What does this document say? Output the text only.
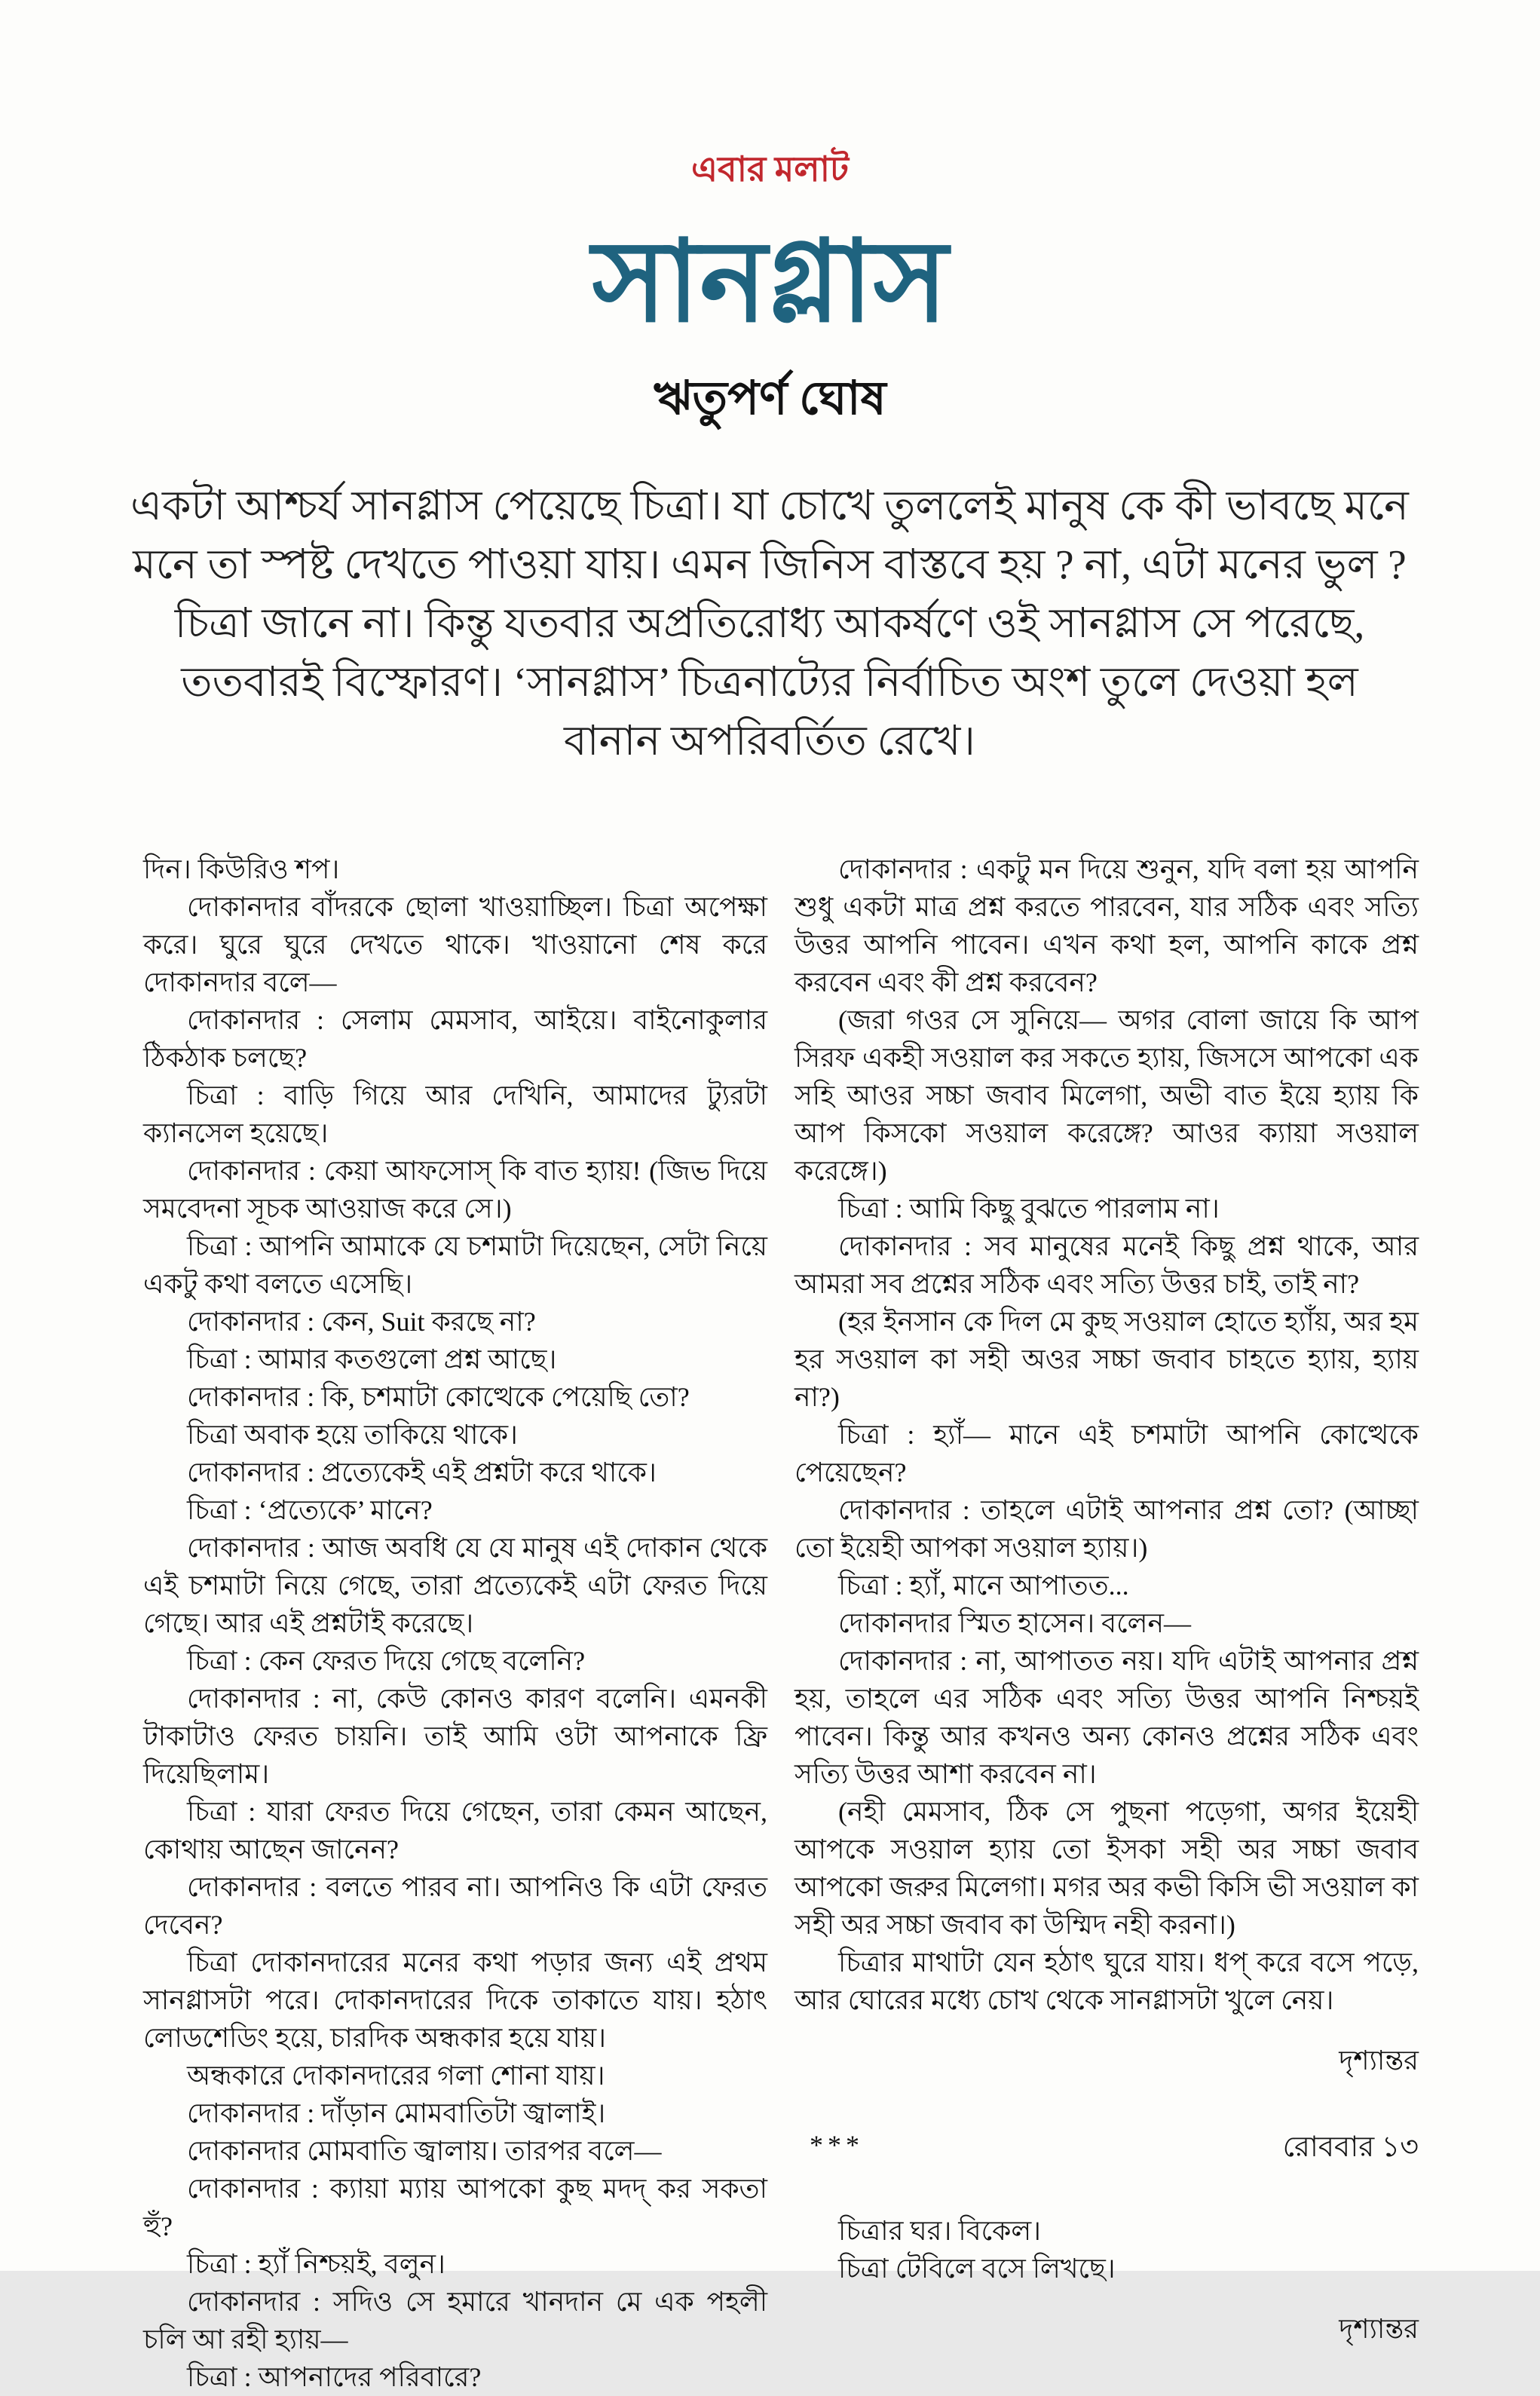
এবার মলাট
সানগ্লাস
ঋতুপর্ণ ঘোষ
একটা আশ্চর্য সানগ্লাস পেয়েছে চিত্রা। যা চোখে তুললেই মানুষ কে কী ভাবছে মনে মনে তা স্পষ্ট দেখতে পাওয়া যায়। এমন জিনিস বাস্তবে হয় ? না, এটা মনের ভুল ? চিত্রা জানে না। কিন্তু যতবার অপ্রতিরোধ্য আকর্ষণে ওই সানগ্লাস সে পরেছে, ততবারই বিস্ফোরণ। ‘সানগ্লাস’ চিত্রনাট্যের নির্বাচিত অংশ তুলে দেওয়া হল বানান অপরিবর্তিত রেখে।

দিন। কিউরিও শপ।

দোকানদার বাঁদরকে ছোলা খাওয়াচ্ছিল। চিত্রা অপেক্ষা করে। ঘুরে ঘুরে দেখতে থাকে। খাওয়ানো শেষ করে দোকানদার বলে—

দোকানদার : সেলাম মেমসাব, আইয়ে। বাইনোকুলার ঠিকঠাক চলছে?

চিত্রা : বাড়ি গিয়ে আর দেখিনি, আমাদের ট্যুরটা ক্যানসেল হয়েছে।

দোকানদার : কেয়া আফসোস্ কি বাত হ্যায়! (জিভ দিয়ে সমবেদনা সূচক আওয়াজ করে সে।)

চিত্রা : আপনি আমাকে যে চশমাটা দিয়েছেন, সেটা নিয়ে একটু কথা বলতে এসেছি।

দোকানদার : কেন, Suit করছে না?

চিত্রা : আমার কতগুলো প্রশ্ন আছে।

দোকানদার : কি, চশমাটা কোত্থেকে পেয়েছি তো?

চিত্রা অবাক হয়ে তাকিয়ে থাকে।

দোকানদার : প্রত্যেকেই এই প্রশ্নটা করে থাকে।

চিত্রা : ‘প্রত্যেকে’ মানে?

দোকানদার : আজ অবধি যে যে মানুষ এই দোকান থেকে এই চশমাটা নিয়ে গেছে, তারা প্রত্যেকেই এটা ফেরত দিয়ে গেছে। আর এই প্রশ্নটাই করেছে।

চিত্রা : কেন ফেরত দিয়ে গেছে বলেনি?

দোকানদার : না, কেউ কোনও কারণ বলেনি। এমনকী টাকাটাও ফেরত চায়নি। তাই আমি ওটা আপনাকে ফ্রি দিয়েছিলাম।

চিত্রা : যারা ফেরত দিয়ে গেছেন, তারা কেমন আছেন, কোথায় আছেন জানেন?

দোকানদার : বলতে পারব না। আপনিও কি এটা ফেরত দেবেন?

চিত্রা দোকানদারের মনের কথা পড়ার জন্য এই প্রথম সানগ্লাসটা পরে। দোকানদারের দিকে তাকাতে যায়। হঠাৎ লোডশেডিং হয়ে, চারদিক অন্ধকার হয়ে যায়।

অন্ধকারে দোকানদারের গলা শোনা যায়।

দোকানদার : দাঁড়ান মোমবাতিটা জ্বালাই।

দোকানদার মোমবাতি জ্বালায়। তারপর বলে—

দোকানদার : ক্যায়া ম্যায় আপকো কুছ মদদ্ কর সকতা হুঁ?

চিত্রা : হ্যাঁ নিশ্চয়ই, বলুন।

দোকানদার : সদিও সে হমারে খানদান মে এক পহলী চলি আ রহী হ্যায়—

চিত্রা : আপনাদের পরিবারে?

দোকানদার : একটু মন দিয়ে শুনুন, যদি বলা হয় আপনি শুধু একটা মাত্র প্রশ্ন করতে পারবেন, যার সঠিক এবং সত্যি উত্তর আপনি পাবেন। এখন কথা হল, আপনি কাকে প্রশ্ন করবেন এবং কী প্রশ্ন করবেন?

(জরা গওর সে সুনিয়ে— অগর বোলা জায়ে কি আপ সিরফ একহী সওয়াল কর সকতে হ্যায়, জিসসে আপকো এক সহি আওর সচ্চা জবাব মিলেগা, অভী বাত ইয়ে হ্যায় কি আপ কিসকো সওয়াল করেঙ্গে? আওর ক্যায়া সওয়াল করেঙ্গে।)

চিত্রা : আমি কিছু বুঝতে পারলাম না।

দোকানদার : সব মানুষের মনেই কিছু প্রশ্ন থাকে, আর আমরা সব প্রশ্নের সঠিক এবং সত্যি উত্তর চাই, তাই না?

(হর ইনসান কে দিল মে কুছ সওয়াল হোতে হ্যাঁয়, অর হম হর সওয়াল কা সহী অওর সচ্চা জবাব চাহতে হ্যায়, হ্যায় না?)

চিত্রা : হ্যাঁ— মানে এই চশমাটা আপনি কোত্থেকে পেয়েছেন?

দোকানদার : তাহলে এটাই আপনার প্রশ্ন তো? (আচ্ছা তো ইয়েহী আপকা সওয়াল হ্যায়।)

চিত্রা : হ্যাঁ, মানে আপাতত...

দোকানদার স্মিত হাসেন। বলেন—

দোকানদার : না, আপাতত নয়। যদি এটাই আপনার প্রশ্ন হয়, তাহলে এর সঠিক এবং সত্যি উত্তর আপনি নিশ্চয়ই পাবেন। কিন্তু আর কখনও অন্য কোনও প্রশ্নের সঠিক এবং সত্যি উত্তর আশা করবেন না।

(নহী মেমসাব, ঠিক সে পুছনা পড়েগা, অগর ইয়েহী আপকে সওয়াল হ্যায় তো ইসকা সহী অর সচ্চা জবাব আপকো জরুর মিলেগা। মগর অর কভী কিসি ভী সওয়াল কা সহী অর সচ্চা জবাব কা উম্মিদ নহী করনা।)

চিত্রার মাথাটা যেন হঠাৎ ঘুরে যায়। ধপ্ করে বসে পড়ে, আর ঘোরের মধ্যে চোখ থেকে সানগ্লাসটা খুলে নেয়।

দৃশ্যান্তর

***

চিত্রার ঘর। বিকেল।

চিত্রা টেবিলে বসে লিখছে।

দৃশ্যান্তর

রোববার ১৩
